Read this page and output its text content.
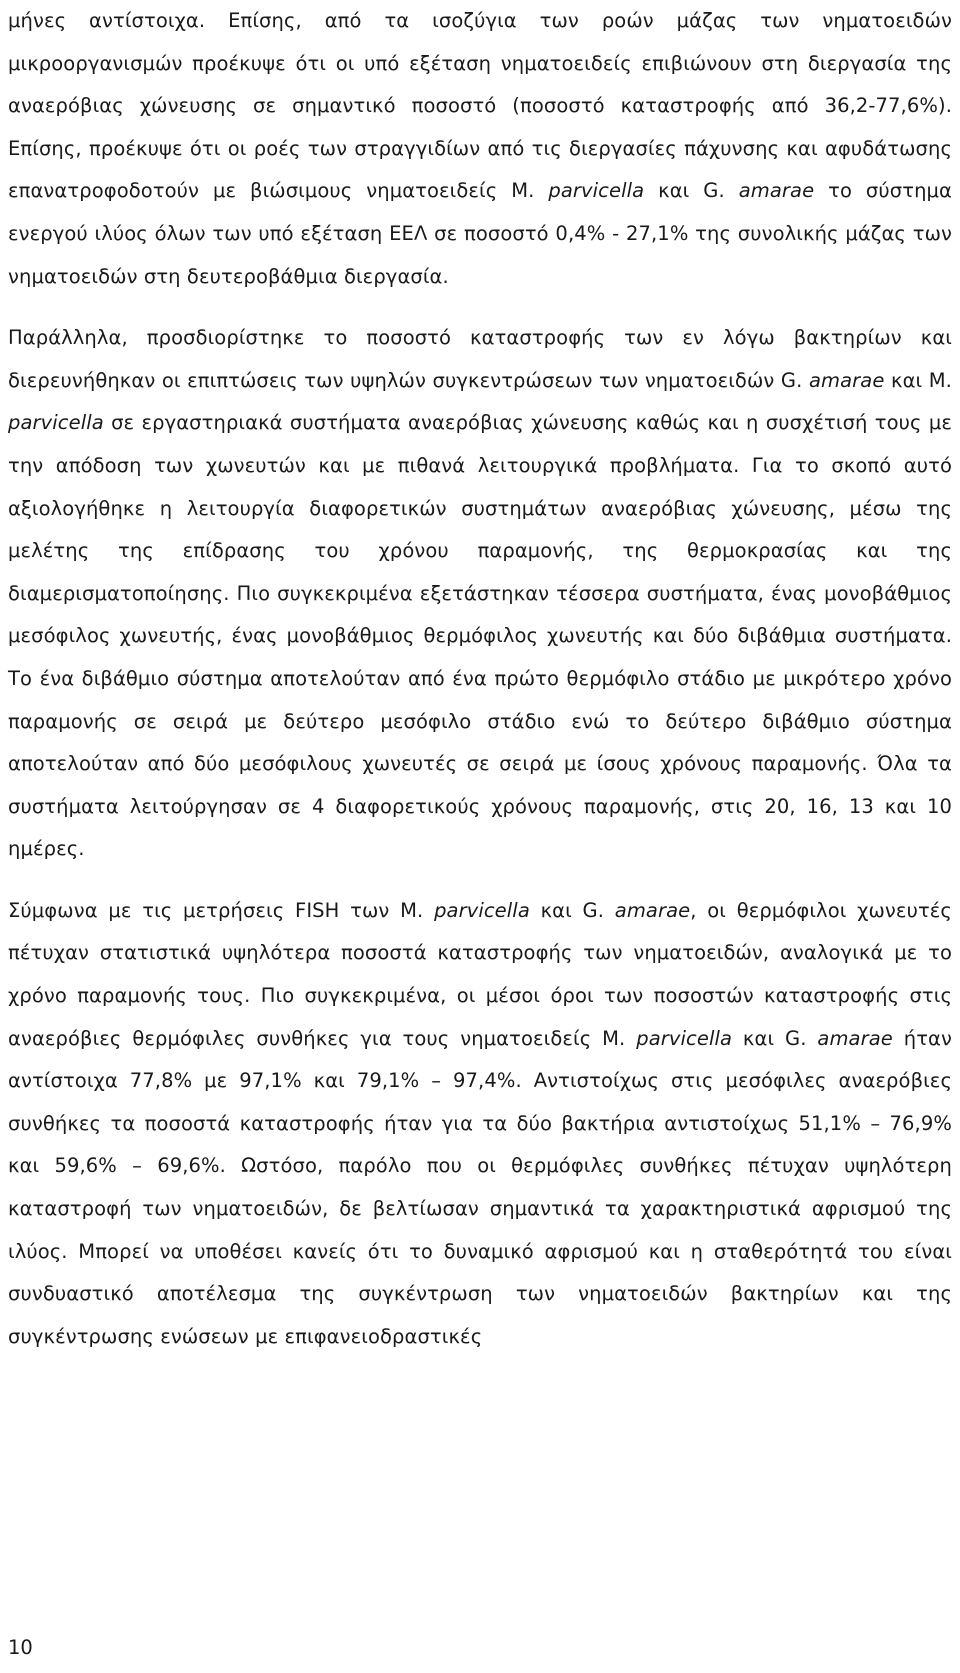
μήνες αντίστοιχα. Επίσης, από τα ισοζύγια των ροών μάζας των νηματοειδών μικροοργανισμών προέκυψε ότι οι υπό εξέταση νηματοειδείς επιβιώνουν στη διεργασία της αναερόβιας χώνευσης σε σημαντικό ποσοστό (ποσοστό καταστροφής από 36,2-77,6%). Επίσης, προέκυψε ότι οι ροές των στραγγιδίων από τις διεργασίες πάχυνσης και αφυδάτωσης επανατροφοδοτούν με βιώσιμους νηματοειδείς M. parvicella και G. amarae το σύστημα ενεργού ιλύος όλων των υπό εξέταση ΕΕΛ σε ποσοστό 0,4% - 27,1% της συνολικής μάζας των νηματοειδών στη δευτεροβάθμια διεργασία.

Παράλληλα, προσδιορίστηκε το ποσοστό καταστροφής των εν λόγω βακτηρίων και διερευνήθηκαν οι επιπτώσεις των υψηλών συγκεντρώσεων των νηματοειδών G. amarae και M. parvicella σε εργαστηριακά συστήματα αναερόβιας χώνευσης καθώς και η συσχέτισή τους με την απόδοση των χωνευτών και με πιθανά λειτουργικά προβλήματα. Για το σκοπό αυτό αξιολογήθηκε η λειτουργία διαφορετικών συστημάτων αναερόβιας χώνευσης, μέσω της μελέτης της επίδρασης του χρόνου παραμονής, της θερμοκρασίας και της διαμερισματοποίησης. Πιο συγκεκριμένα εξετάστηκαν τέσσερα συστήματα, ένας μονοβάθμιος μεσόφιλος χωνευτής, ένας μονοβάθμιος θερμόφιλος χωνευτής και δύο διβάθμια συστήματα. Το ένα διβάθμιο σύστημα αποτελούταν από ένα πρώτο θερμόφιλο στάδιο με μικρότερο χρόνο παραμονής σε σειρά με δεύτερο μεσόφιλο στάδιο ενώ το δεύτερο διβάθμιο σύστημα αποτελούταν από δύο μεσόφιλους χωνευτές σε σειρά με ίσους χρόνους παραμονής. Όλα τα συστήματα λειτούργησαν σε 4 διαφορετικούς χρόνους παραμονής, στις 20, 16, 13 και 10 ημέρες.

Σύμφωνα με τις μετρήσεις FISH των M. parvicella και G. amarae, οι θερμόφιλοι χωνευτές πέτυχαν στατιστικά υψηλότερα ποσοστά καταστροφής των νηματοειδών, αναλογικά με το χρόνο παραμονής τους. Πιο συγκεκριμένα, οι μέσοι όροι των ποσοστών καταστροφής στις αναερόβιες θερμόφιλες συνθήκες για τους νηματοειδείς M. parvicella και G. amarae ήταν αντίστοιχα 77,8% με 97,1% και 79,1% – 97,4%. Αντιστοίχως στις μεσόφιλες αναερόβιες συνθήκες τα ποσοστά καταστροφής ήταν για τα δύο βακτήρια αντιστοίχως 51,1% – 76,9% και 59,6% – 69,6%. Ωστόσο, παρόλο που οι θερμόφιλες συνθήκες πέτυχαν υψηλότερη καταστροφή των νηματοειδών, δε βελτίωσαν σημαντικά τα χαρακτηριστικά αφρισμού της ιλύος. Μπορεί να υποθέσει κανείς ότι το δυναμικό αφρισμού και η σταθερότητά του είναι συνδυαστικό αποτέλεσμα της συγκέντρωση των νηματοειδών βακτηρίων και της συγκέντρωσης ενώσεων με επιφανειοδραστικές

10
